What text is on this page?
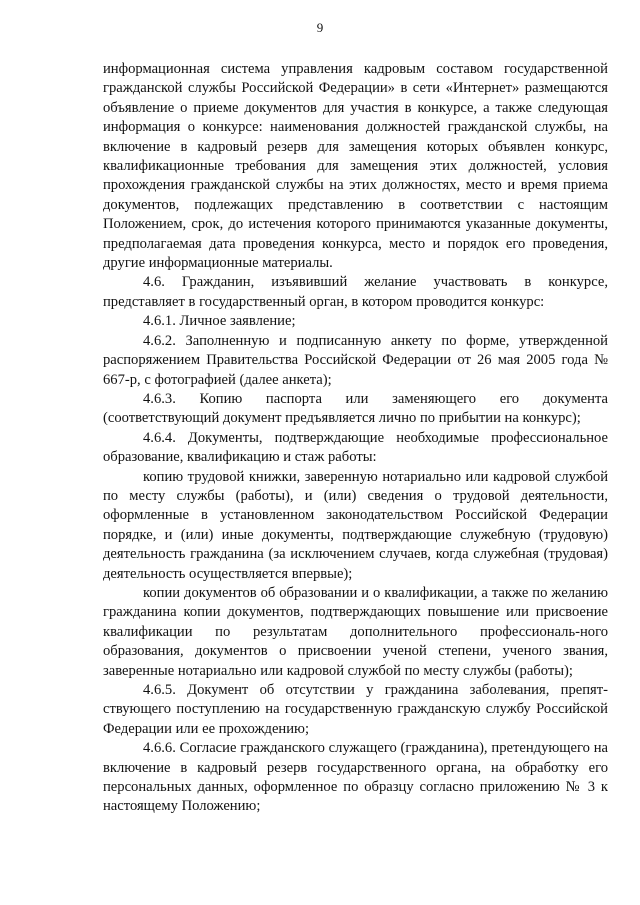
9

информационная система управления кадровым составом государственной гражданской службы Российской Федерации» в сети «Интернет» размещаются объявление о приеме документов для участия в конкурсе, а также следующая информация о конкурсе: наименования должностей гражданской службы, на включение в кадровый резерв для замещения которых объявлен конкурс, квалификационные требования для замещения этих должностей, условия прохождения гражданской службы на этих должностях, место и время приема документов, подлежащих представлению в соответствии с настоящим Положением, срок, до истечения которого принимаются указанные документы, предполагаемая дата проведения конкурса, место и порядок его проведения, другие информационные материалы.

4.6. Гражданин, изъявивший желание участвовать в конкурсе, представляет в государственный орган, в котором проводится конкурс:

4.6.1. Личное заявление;

4.6.2. Заполненную и подписанную анкету по форме, утвержденной распоряжением Правительства Российской Федерации от 26 мая 2005 года № 667-р, с фотографией (далее анкета);

4.6.3. Копию паспорта или заменяющего его документа (соответствующий документ предъявляется лично по прибытии на конкурс);

4.6.4. Документы, подтверждающие необходимые профессиональное образование, квалификацию и стаж работы:

копию трудовой книжки, заверенную нотариально или кадровой службой по месту службы (работы), и (или) сведения о трудовой деятельности, оформленные в установленном законодательством Российской Федерации порядке, и (или) иные документы, подтверждающие служебную (трудовую) деятельность гражданина (за исключением случаев, когда служебная (трудовая) деятельность осуществляется впервые);

копии документов об образовании и о квалификации, а также по желанию гражданина копии документов, подтверждающих повышение или присвоение квалификации по результатам дополнительного профессиональ-ного образования, документов о присвоении ученой степени, ученого звания, заверенные нотариально или кадровой службой по месту службы (работы);

4.6.5. Документ об отсутствии у гражданина заболевания, препят-ствующего поступлению на государственную гражданскую службу Российской Федерации или ее прохождению;

4.6.6. Согласие гражданского служащего (гражданина), претендующего на включение в кадровый резерв государственного органа, на обработку его персональных данных, оформленное по образцу согласно приложению № 3 к настоящему Положению;
